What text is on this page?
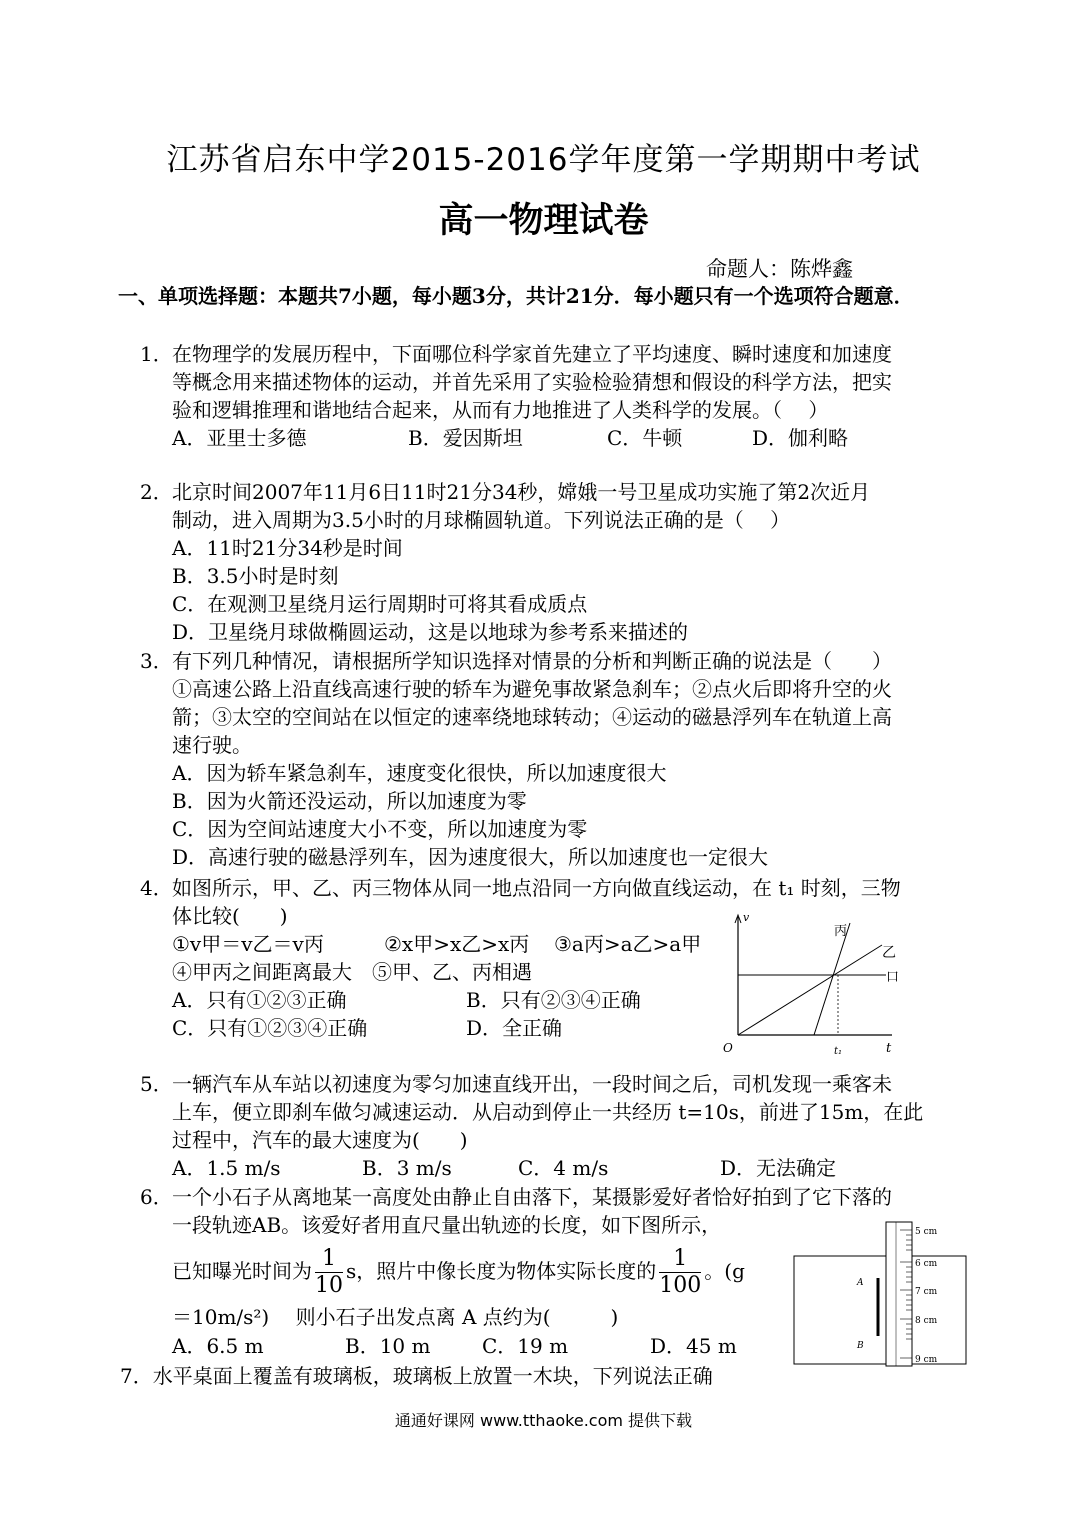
江苏省启东中学2015-2016学年度第一学期期中考试
高一物理试卷
命题人：陈烨鑫
一、单项选择题：本题共7小题，每小题3分，共计21分．每小题只有一个选项符合题意．
1． 在物理学的发展历程中，下面哪位科学家首先建立了平均速度、瞬时速度和加速度
等概念用来描述物体的运动，并首先采用了实验检验猜想和假设的科学方法，把实
验和逻辑推理和谐地结合起来，从而有力地推进了人类科学的发展。（　 ）
A．亚里士多德	B．爱因斯坦	C．牛顿	D．伽利略
2． 北京时间2007年11月6日11时21分34秒，嫦娥一号卫星成功实施了第2次近月
制动，进入周期为3.5小时的月球椭圆轨道。下列说法正确的是（　 ）
A．11时21分34秒是时间
B．3.5小时是时刻
C．在观测卫星绕月运行周期时可将其看成质点
D．卫星绕月球做椭圆运动，这是以地球为参考系来描述的
3． 有下列几种情况，请根据所学知识选择对情景的分析和判断正确的说法是（　　）
①高速公路上沿直线高速行驶的轿车为避免事故紧急刹车；②点火后即将升空的火
箭；③太空的空间站在以恒定的速率绕地球转动；④运动的磁悬浮列车在轨道上高
速行驶。
A．因为轿车紧急刹车，速度变化很快，所以加速度很大
B．因为火箭还没运动，所以加速度为零
C．因为空间站速度大小不变，所以加速度为零
D．高速行驶的磁悬浮列车，因为速度很大，所以加速度也一定很大
4． 如图所示，甲、乙、丙三物体从同一地点沿同一方向做直线运动，在 t₁ 时刻，三物
体比较(　　)
①v甲＝v乙＝v丙	②x甲>x乙>x丙 ③a丙>a乙>a甲
④甲丙之间距离最大　⑤甲、乙、丙相遇
A．只有①②③正确	B．只有②③④正确
C．只有①②③④正确	D．全正确
v
O	t
t₁
丙
乙
口
5． 一辆汽车从车站以初速度为零匀加速直线开出，一段时间之后，司机发现一乘客未
上车，便立即刹车做匀减速运动．从启动到停止一共经历 t=10s，前进了15m，在此
过程中，汽车的最大速度为(　　)
A．1.5 m/s	B．3 m/s	C．4 m/s	D．无法确定
6． 一个小石子从离地某一高度处由静止自由落下，某摄影爱好者恰好拍到了它下落的
一段轨迹AB。该爱好者用直尺量出轨迹的长度，如下图所示，
已知曝光时间为 $\frac{1}{10}$ s，照片中像长度为物体实际长度的 $\frac{1}{100}$ 。(g
＝10m/s²)　 则小石子出发点离 A 点约为(　　　)
A．6.5 m	B．10 m	C．19 m	D．45 m
5 cm
6 cm
7 cm
8 cm
9 cm
A
B
7．水平桌面上覆盖有玻璃板，玻璃板上放置一木块，下列说法正确
通通好课网 www.tthaoke.com 提供下载
